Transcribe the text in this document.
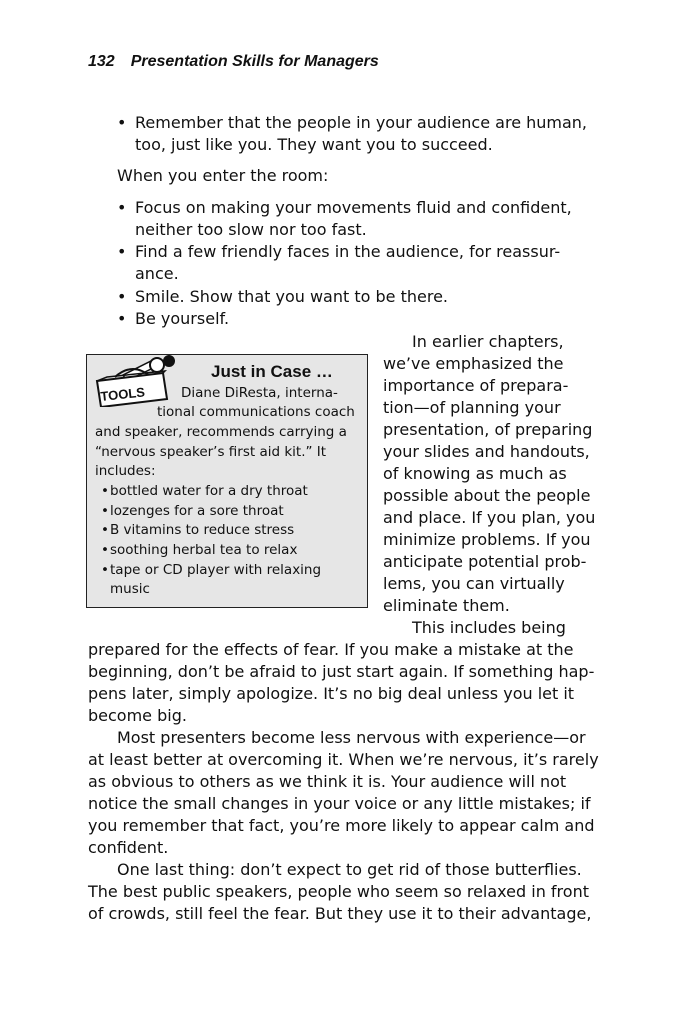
132 Presentation Skills for Managers
• Remember that the people in your audience are human,
too, just like you. They want you to succeed.
When you enter the room:
• Focus on making your movements fluid and confident,
neither too slow nor too fast.
• Find a few friendly faces in the audience, for reassur-
ance.
• Smile. Show that you want to be there.
• Be yourself.
TOOLS
Just in Case …
Diane DiResta, interna-
tional communications coach
and speaker, recommends carrying a
“nervous speaker’s first aid kit.” It
includes:
• bottled water for a dry throat
• lozenges for a sore throat
• B vitamins to reduce stress
• soothing herbal tea to relax
• tape or CD player with relaxing
music
In earlier chapters,
we’ve emphasized the
importance of prepara-
tion—of planning your
presentation, of preparing
your slides and handouts,
of knowing as much as
possible about the people
and place. If you plan, you
minimize problems. If you
anticipate potential prob-
lems, you can virtually
eliminate them.
This includes being
prepared for the effects of fear. If you make a mistake at the
beginning, don’t be afraid to just start again. If something hap-
pens later, simply apologize. It’s no big deal unless you let it
become big.
Most presenters become less nervous with experience—or
at least better at overcoming it. When we’re nervous, it’s rarely
as obvious to others as we think it is. Your audience will not
notice the small changes in your voice or any little mistakes; if
you remember that fact, you’re more likely to appear calm and
confident.
One last thing: don’t expect to get rid of those butterflies.
The best public speakers, people who seem so relaxed in front
of crowds, still feel the fear. But they use it to their advantage,
